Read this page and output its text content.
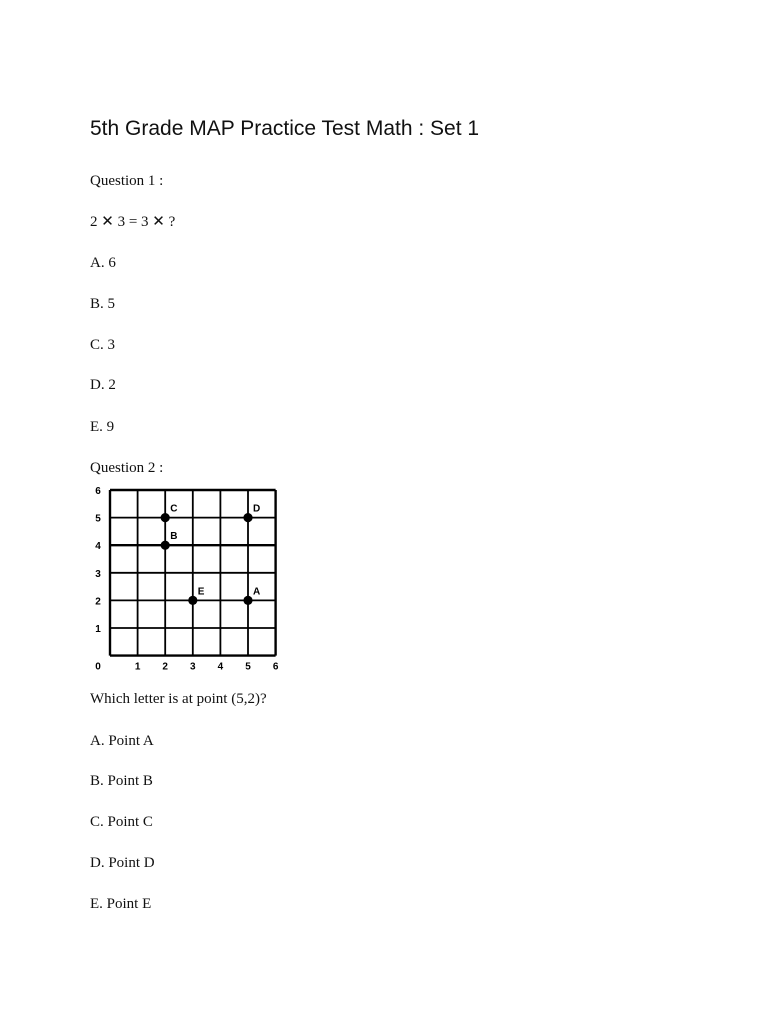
5th Grade MAP Practice Test Math : Set 1
Question 1 :
2 ✕ 3 = 3 ✕ ?
A. 6
B. 5
C. 3
D. 2
E. 9
Question 2 :
1 2 3 4 5 6
1
2
3
4
5
6
0
A
B
C	D
E
Which letter is at point (5,2)?
A. Point A
B. Point B
C. Point C
D. Point D
E. Point E
